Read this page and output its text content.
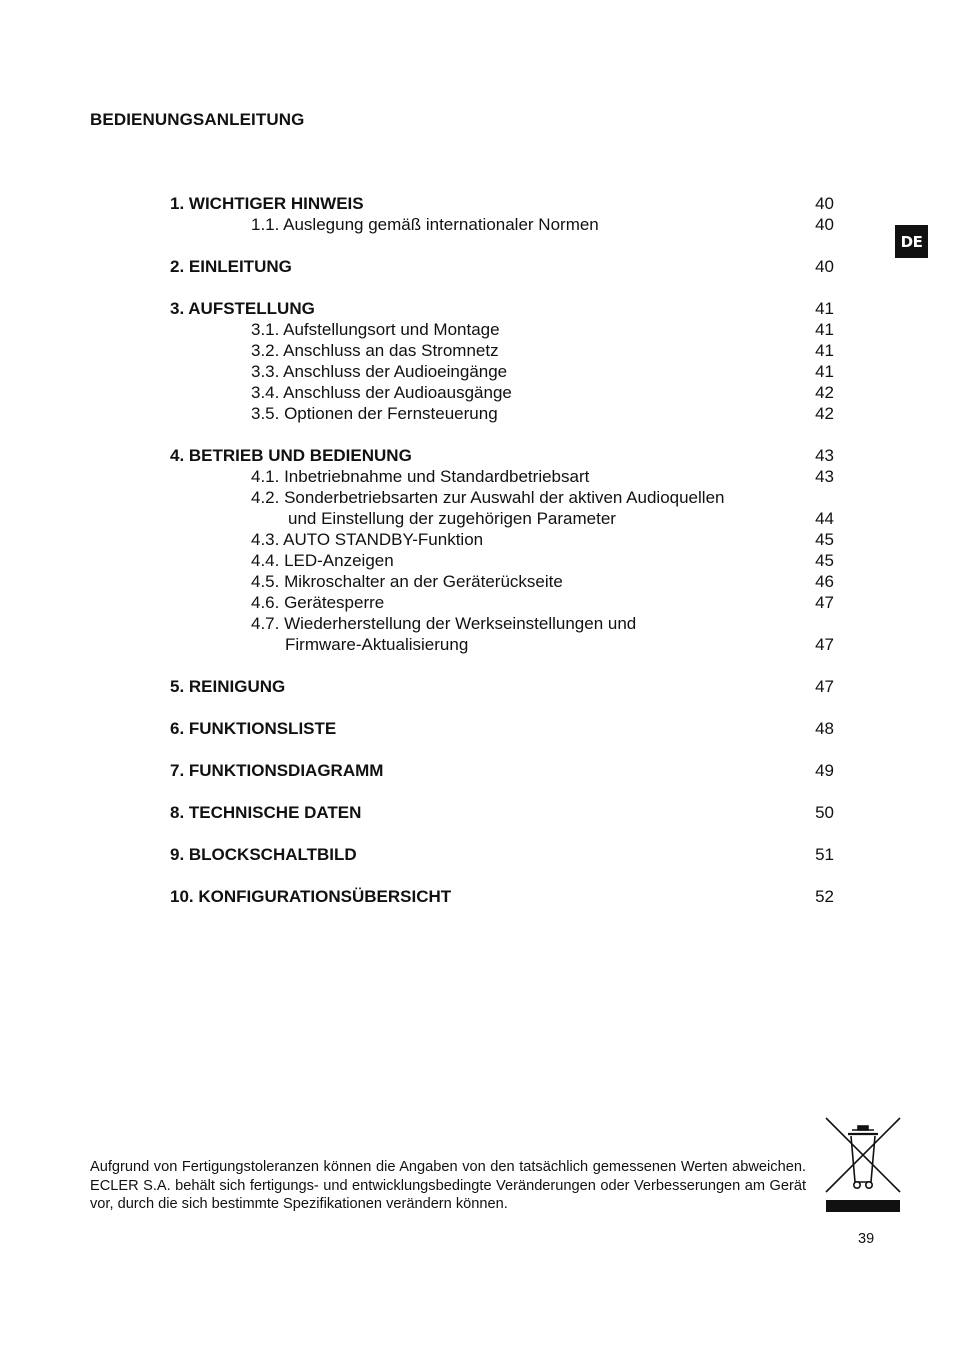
BEDIENUNGSANLEITUNG
DE
1. WICHTIGER HINWEIS	40
1.1. Auslegung gemäß internationaler Normen	40
2. EINLEITUNG	40
3. AUFSTELLUNG	41
3.1. Aufstellungsort und Montage	41
3.2. Anschluss an das Stromnetz	41
3.3. Anschluss der Audioeingänge	41
3.4. Anschluss der Audioausgänge	42
3.5. Optionen der Fernsteuerung	42
4. BETRIEB UND BEDIENUNG	43
4.1. Inbetriebnahme und Standardbetriebsart	43
4.2. Sonderbetriebsarten zur Auswahl der aktiven Audioquellen
und Einstellung der zugehörigen Parameter	44
4.3. AUTO STANDBY-Funktion	45
4.4. LED-Anzeigen	45
4.5. Mikroschalter an der Geräterückseite	46
4.6. Gerätesperre	47
4.7. Wiederherstellung der Werkseinstellungen und
Firmware-Aktualisierung	47
5. REINIGUNG	47
6. FUNKTIONSLISTE	48
7. FUNKTIONSDIAGRAMM	49
8. TECHNISCHE DATEN	50
9. BLOCKSCHALTBILD	51
10. KONFIGURATIONSÜBERSICHT	52

Aufgrund von Fertigungstoleranzen können die Angaben von den tatsächlich gemessenen Werten abweichen. ECLER S.A. behält sich fertigungs- und entwicklungsbedingte Veränderungen oder Verbesserungen am Gerät vor, durch die sich bestimmte Spezifikationen verändern können.

39
